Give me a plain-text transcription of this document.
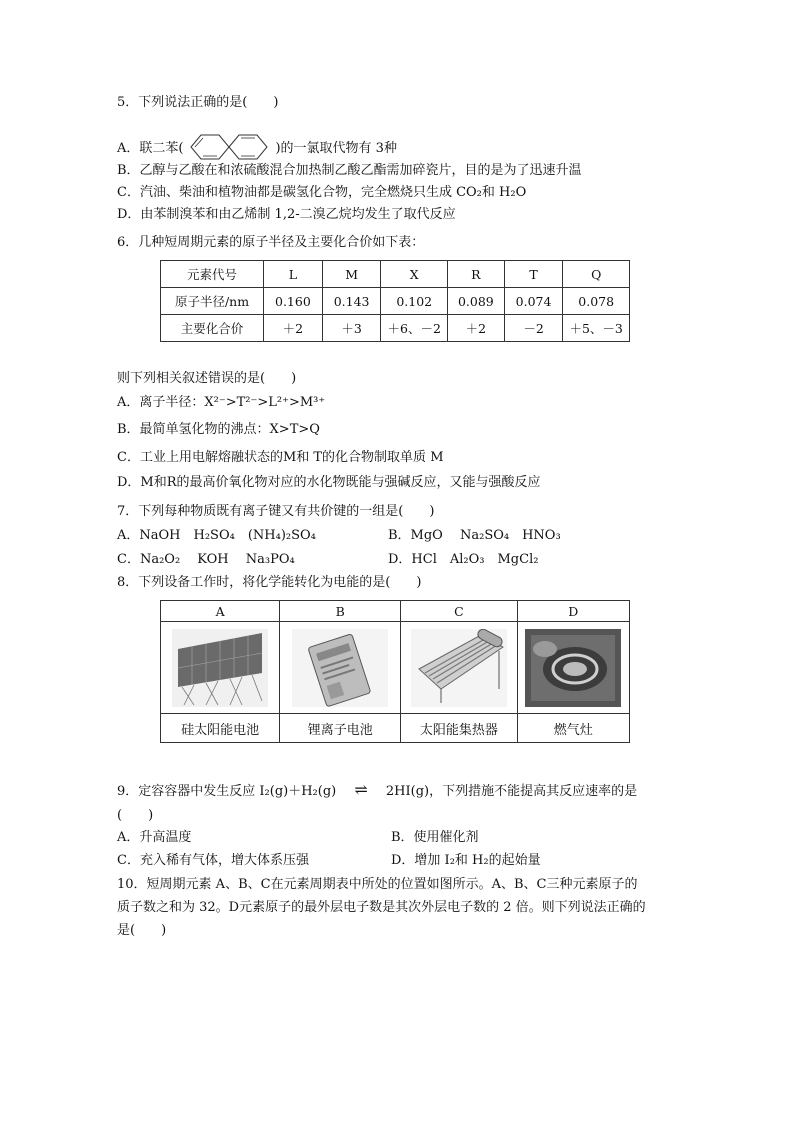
5．下列说法正确的是(　　)
A．联二苯(	)的一氯取代物有 3种
B．乙醇与乙酸在和浓硫酸混合加热制乙酸乙酯需加碎瓷片，目的是为了迅速升温
C．汽油、柴油和植物油都是碳氢化合物，完全燃烧只生成 CO₂和 H₂O
D．由苯制溴苯和由乙烯制 1,2-二溴乙烷均发生了取代反应
6．几种短周期元素的原子半径及主要化合价如下表：
元素代号	L	M	X	R	T	Q
原子半径/nm	0.160	0.143	0.102	0.089	0.074	0.078
主要化合价	＋2	＋3	＋6、－2	＋2	－2	＋5、－3
则下列相关叙述错误的是(　　)
A．离子半径：X²⁻>T²⁻>L²⁺>M³⁺
B．最简单氢化物的沸点：X>T>Q
C．工业上用电解熔融状态的M和 T的化合物制取单质 M
D．M和R的最高价氧化物对应的水化物既能与强碱反应，又能与强酸反应
7．下列每种物质既有离子键又有共价键的一组是(　　)
A．NaOH　H₂SO₄　(NH₄)₂SO₄	B．MgO　 Na₂SO₄　HNO₃
C．Na₂O₂　 KOH　 Na₃PO₄	D．HCl　Al₂O₃　MgCl₂
8．下列设备工作时，将化学能转化为电能的是(　　)
A	B	C	D

硅太阳能电池	锂离子电池	太阳能集热器	燃气灶
9．定容容器中发生反应 I₂(g)＋H₂(g) ⇌ 2HI(g)，下列措施不能提高其反应速率的是
(　　)
A．升高温度	B．使用催化剂
C．充入稀有气体，增大体系压强	D．增加 I₂和 H₂的起始量
10．短周期元素 A、B、C在元素周期表中所处的位置如图所示。A、B、C三种元素原子的
质子数之和为 32。D元素原子的最外层电子数是其次外层电子数的 2 倍。则下列说法正确的
是(　　)
